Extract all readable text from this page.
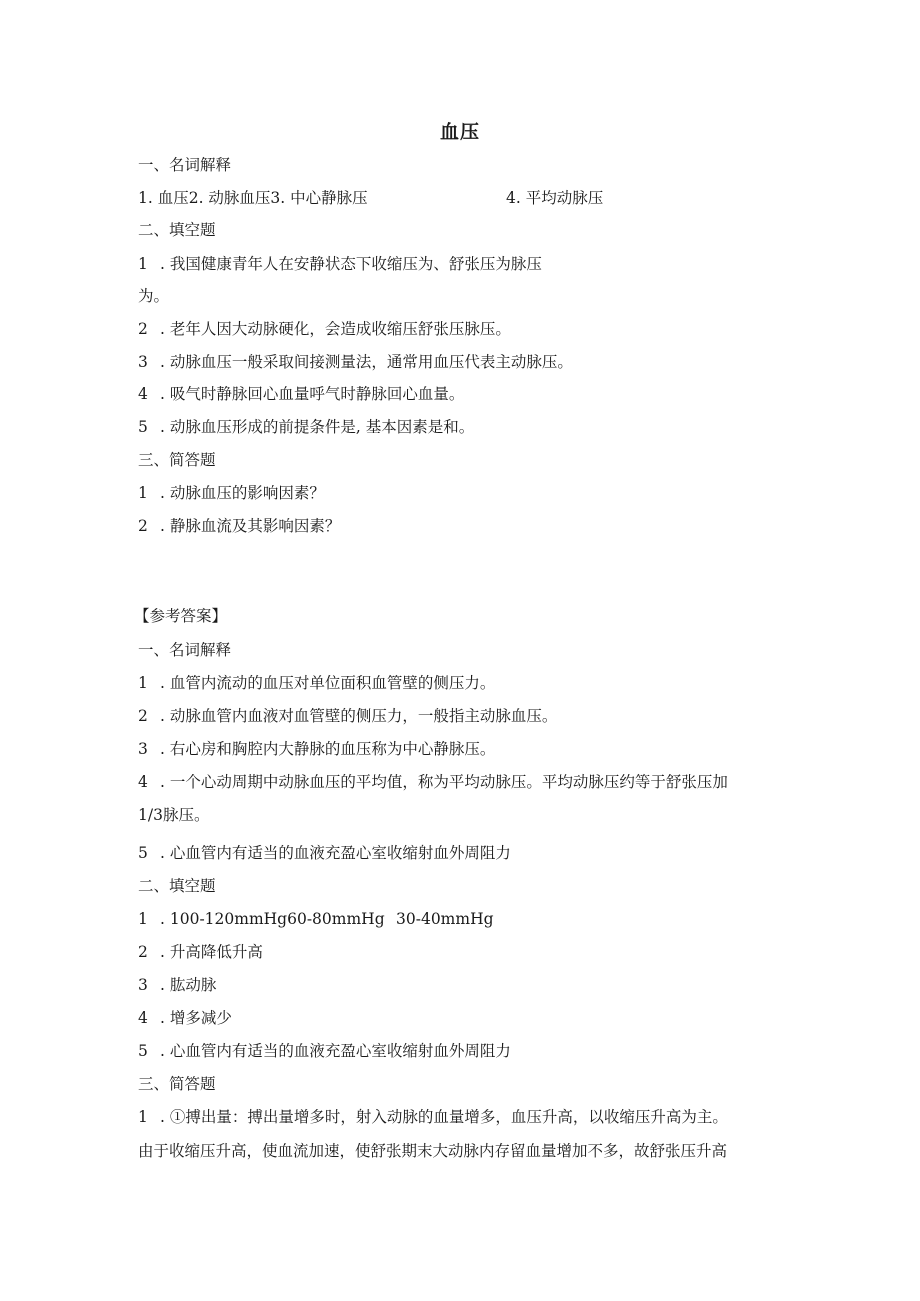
血压
一、名词解释
1. 血压2. 动脉血压3. 中心静脉压	4. 平均动脉压
二、填空题
1 . 我国健康青年人在安静状态下收缩压为、舒张压为脉压
为。
2 . 老年人因大动脉硬化，会造成收缩压舒张压脉压。
3 . 动脉血压一般采取间接测量法，通常用血压代表主动脉压。
4 . 吸气时静脉回心血量呼气时静脉回心血量。
5 . 动脉血压形成的前提条件是, 基本因素是和。
三、简答题
1 . 动脉血压的影响因素？
2 . 静脉血流及其影响因素？
【参考答案】
一、名词解释
1 . 血管内流动的血压对单位面积血管壁的侧压力。
2 . 动脉血管内血液对血管壁的侧压力，一般指主动脉血压。
3 . 右心房和胸腔内大静脉的血压称为中心静脉压。
4 . 一个心动周期中动脉血压的平均值，称为平均动脉压。平均动脉压约等于舒张压加
1/3脉压。
5 . 心血管内有适当的血液充盈心室收缩射血外周阻力
二、填空题
1 . 100-120mmHg60-80mmHg 30-40mmHg
2 . 升高降低升高
3 . 肱动脉
4 . 增多减少
5 . 心血管内有适当的血液充盈心室收缩射血外周阻力
三、简答题
1 . ①搏出量：搏出量增多时，射入动脉的血量增多，血压升高，以收缩压升高为主。
由于收缩压升高，使血流加速，使舒张期末大动脉内存留血量增加不多，故舒张压升高
